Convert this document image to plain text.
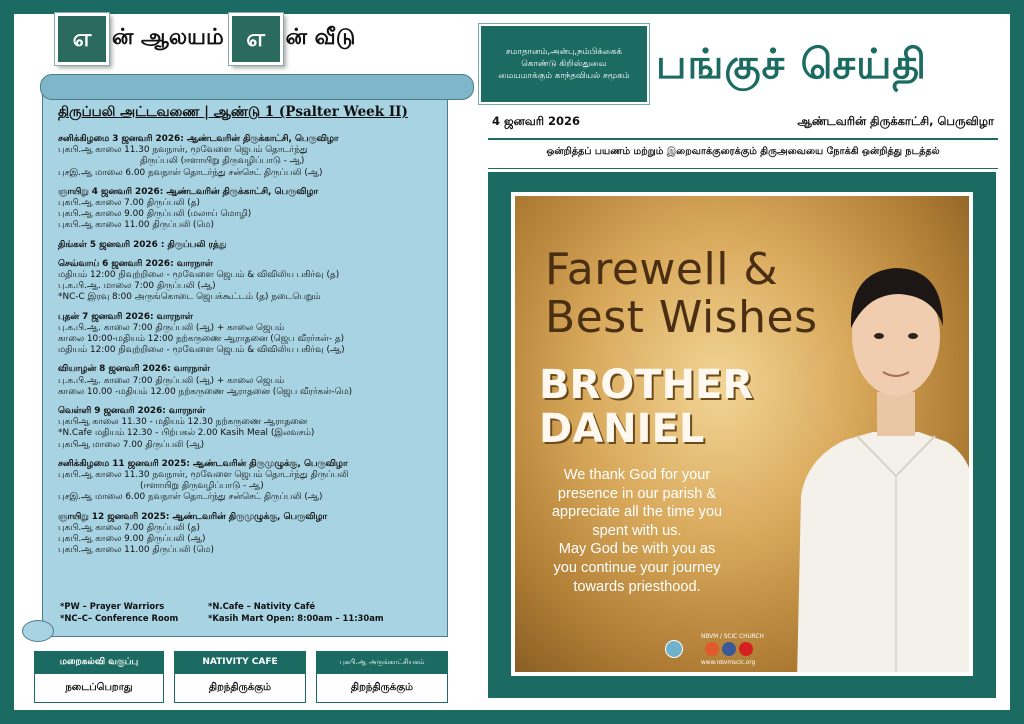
எ ன் ஆலயம் எ ன் வீடு
திருப்பலி அட்டவணை | ஆண்டு 1 (Psalter Week II)
சனிக்கிழமை 3 ஜனவரி 2026: ஆண்டவரின் திருக்காட்சி, பெருவிழா
புகபி.ஆ காலை 11.30 நவநாள், மூவேளை ஜெபம் தொடர்ந்து
திருப்பலி (ஈளாயிறு திருவழிப்பாடு - ஆ)
புசஇ.ஆ மாலை 6.00 நவநாள் தொடர்ந்து சன்செட் திருப்பலி (ஆ)
ஞாயிறு 4 ஜனவரி 2026: ஆண்டவரின் திருக்காட்சி, பெருவிழா
புகபி.ஆ காலை 7.00 திருப்பலி (த)
புகபி.ஆ காலை 9.00 திருப்பலி (மலாய் மொழி)
புகபி.ஆ காலை 11.00 திருப்பலி (மெ)
திங்கள் 5 ஜனவரி 2026 : திருப்பலி ரத்து
செவ்வாய் 6 ஜனவரி 2026: வாரநாள்
மதியம் 12:00 நிவுற்றிலை - மூவேளை ஜெபம் & விவிலிய பகிர்வு (த)
பு.க.பி.ஆ. மாலை 7:00 திருப்பலி (ஆ)
*NC-C இரவு 8:00 அருங்கொடை ஜெபக்கூட்டம் (த) நடைபெறும்
புதன் 7 ஜனவரி 2026: வாரநாள்
பு.க.பி.ஆ. காலை 7:00 திருப்பலி (ஆ) + காலை ஜெபம்
காலை 10:00-மதியம் 12:00 நற்கருணை ஆராதனை (ஜெப வீரர்கள்- த)
மதியம் 12:00 நிவுற்றிலை - மூவேளை ஜெபம் & விவிலிய பகிர்வு (ஆ)
வியாழன் 8 ஜனவரி 2026: வாரநாள்
பு.க.பி.ஆ. காலை 7:00 திருப்பலி (ஆ) + காலை ஜெபம்
காலை 10.00 -மதியம் 12.00 நற்கருணை ஆராதனை (ஜெப வீரர்கள்-மெ)
வெள்ளி 9 ஜனவரி 2026: வாரநாள்
புகபிஆ காலை 11.30 - மதியம் 12.30 நற்கருணை ஆராதனை
*N.Cafe மதியம் 12.30 - பிற்பகல் 2.00 Kasih Meal (இலவசம்)
புகபிஆ மாலை 7.00 திருப்பலி (ஆ)
சனிக்கிழமை 11 ஜனவரி 2025: ஆண்டவரின் திருமுழுக்கு, பெருவிழா
புகபி.ஆ காலை 11.30 நவநாள், மூவேளை ஜெபம் தொடர்ந்து திருப்பலி
(ஈளாயிறு திருவழிப்பாடு - ஆ)
புசஇ.ஆ மாலை 6.00 நவநாள் தொடர்ந்து சன்செட் திருப்பலி (ஆ)
ஞாயிறு 12 ஜனவரி 2025: ஆண்டவரின் திருமுழுக்கு, பெருவிழா
புகபி.ஆ காலை 7.00 திருப்பலி (த)
புகபி.ஆ காலை 9.00 திருப்பலி (ஆ)
புகபி.ஆ காலை 11.00 திருப்பலி (மெ)
*PW – Prayer Warriors	*N.Cafe – Nativity Café
*NC–C– Conference Room	*Kasih Mart Open: 8:00am – 11:30am
மறைகல்வி வகுப்பு
நடைப்பெறாது
NATIVITY CAFE
திறந்திருக்கும்
புகபி.ஆ அருங்காட்சியகம்
திறந்திருக்கும்
சமாதானம்,அன்பு,நம்பிக்கைக் கொண்டு கிறிஸ்துவை மையமாக்கும் காந்தவியல் சமூகம் பங்குச் செய்தி
4 ஜனவரி 2026	ஆண்டவரின் திருக்காட்சி, பெருவிழா
ஒன்றித்தப் பயணம் மற்றும் இறைவாக்குரைக்கும் திருஅவையை நோக்கி ஒன்றித்து நடத்தல்
Farewell &
Best Wishes
BROTHER
DANIEL
We thank God for your
presence in our parish &
appreciate all the time you
spent with us.
May God be with you as
you continue your journey
towards priesthood.
NBVM / SCIC CHURCH
www.nbvmscic.org
